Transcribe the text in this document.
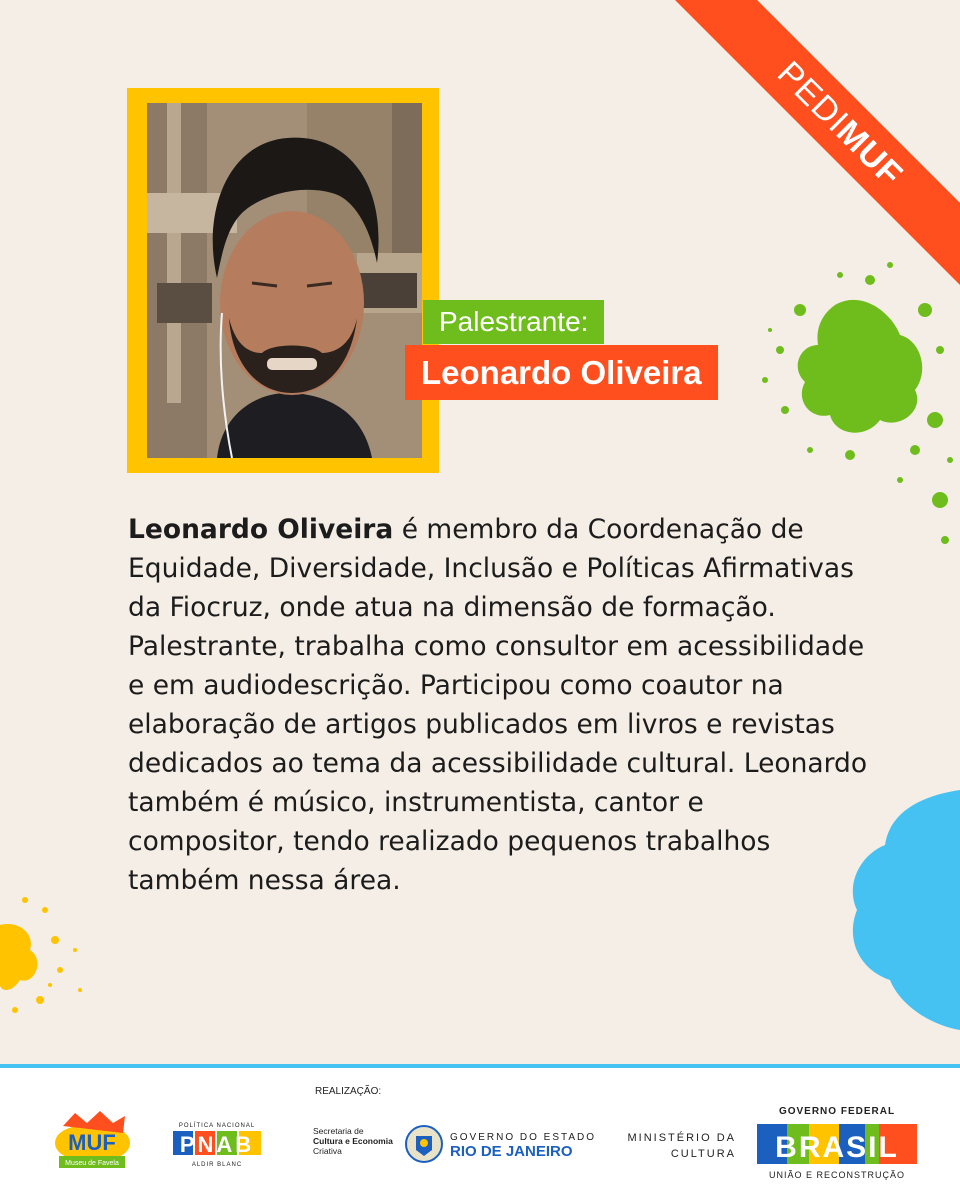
PEDIMUF
Palestrante:
Leonardo Oliveira
Leonardo Oliveira é membro da Coordenação de Equidade, Diversidade, Inclusão e Políticas Afirmativas da Fiocruz, onde atua na dimensão de formação. Palestrante, trabalha como consultor em acessibilidade e em audiodescrição. Participou como coautor na elaboração de artigos publicados em livros e revistas dedicados ao tema da acessibilidade cultural. Leonardo também é músico, instrumentista, cantor e compositor, tendo realizado pequenos trabalhos também nessa área.
REALIZAÇÃO:
MUF
Museu de Favela
POLÍTICA NACIONAL
PNAB
ALDIR BLANC
Secretaria de
Cultura e Economia
Criativa
GOVERNO DO ESTADO
RIO DE JANEIRO
MINISTÉRIO DA
CULTURA
GOVERNO FEDERAL
BRASIL
UNIÃO E RECONSTRUÇÃO
